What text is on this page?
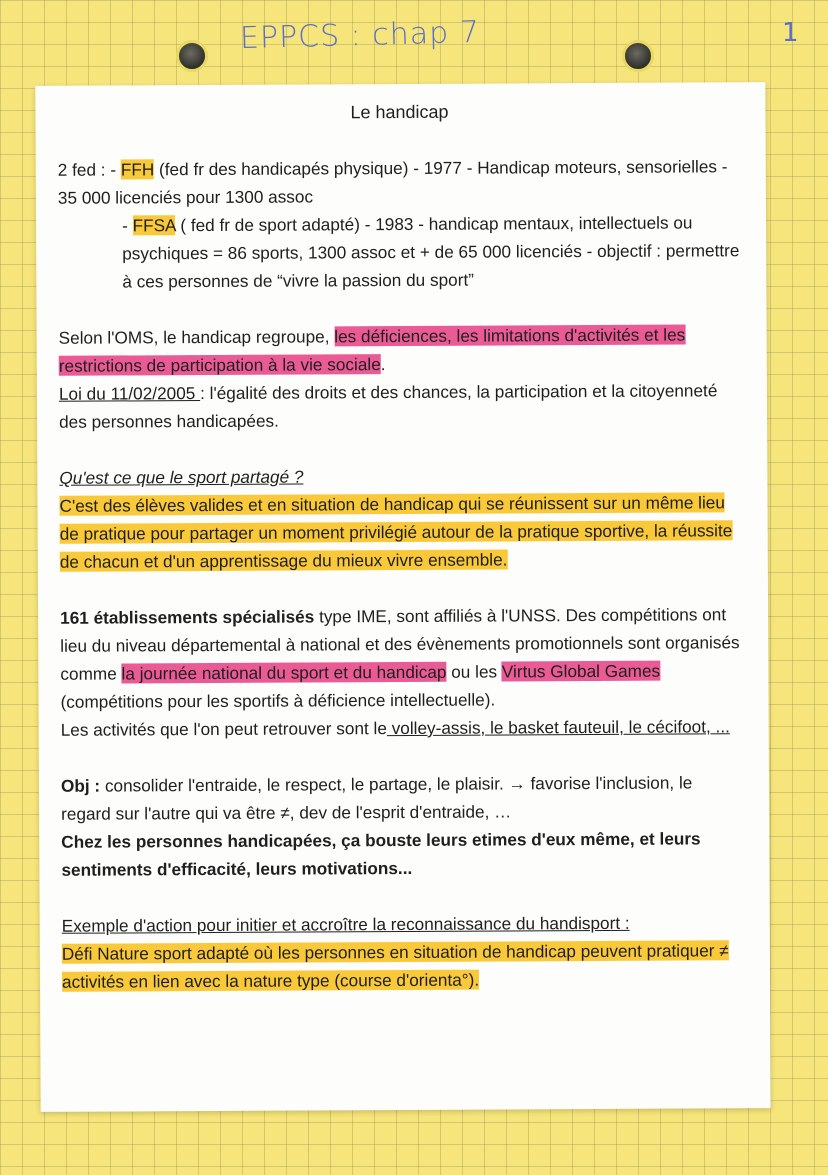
EPPCS : chap 7	1
Le handicap

2 fed : - FFH (fed fr des handicapés physique) - 1977 - Handicap moteurs, sensorielles - 35 000 licenciés pour 1300 assoc

- FFSA ( fed fr de sport adapté) - 1983 - handicap mentaux, intellectuels ou psychiques = 86 sports, 1300 assoc et + de 65 000 licenciés - objectif : permettre à ces personnes de “vivre la passion du sport”

Selon l'OMS, le handicap regroupe, les déficiences, les limitations d'activités et les restrictions de participation à la vie sociale.

Loi du 11/02/2005 : l'égalité des droits et des chances, la participation et la citoyenneté des personnes handicapées.

Qu'est ce que le sport partagé ?

C'est des élèves valides et en situation de handicap qui se réunissent sur un même lieu de pratique pour partager un moment privilégié autour de la pratique sportive, la réussite de chacun et d'un apprentissage du mieux vivre ensemble.

161 établissements spécialisés type IME, sont affiliés à l'UNSS. Des compétitions ont lieu du niveau départemental à national et des évènements promotionnels sont organisés comme la journée national du sport et du handicap ou les Virtus Global Games (compétitions pour les sportifs à déficience intellectuelle).

Les activités que l'on peut retrouver sont le volley-assis, le basket fauteuil, le cécifoot, ...

Obj : consolider l'entraide, le respect, le partage, le plaisir. → favorise l'inclusion, le regard sur l'autre qui va être ≠, dev de l'esprit d'entraide, …

Chez les personnes handicapées, ça bouste leurs etimes d'eux même, et leurs sentiments d'efficacité, leurs motivations...

Exemple d'action pour initier et accroître la reconnaissance du handisport :

Défi Nature sport adapté où les personnes en situation de handicap peuvent pratiquer ≠ activités en lien avec la nature type (course d'orienta°).
